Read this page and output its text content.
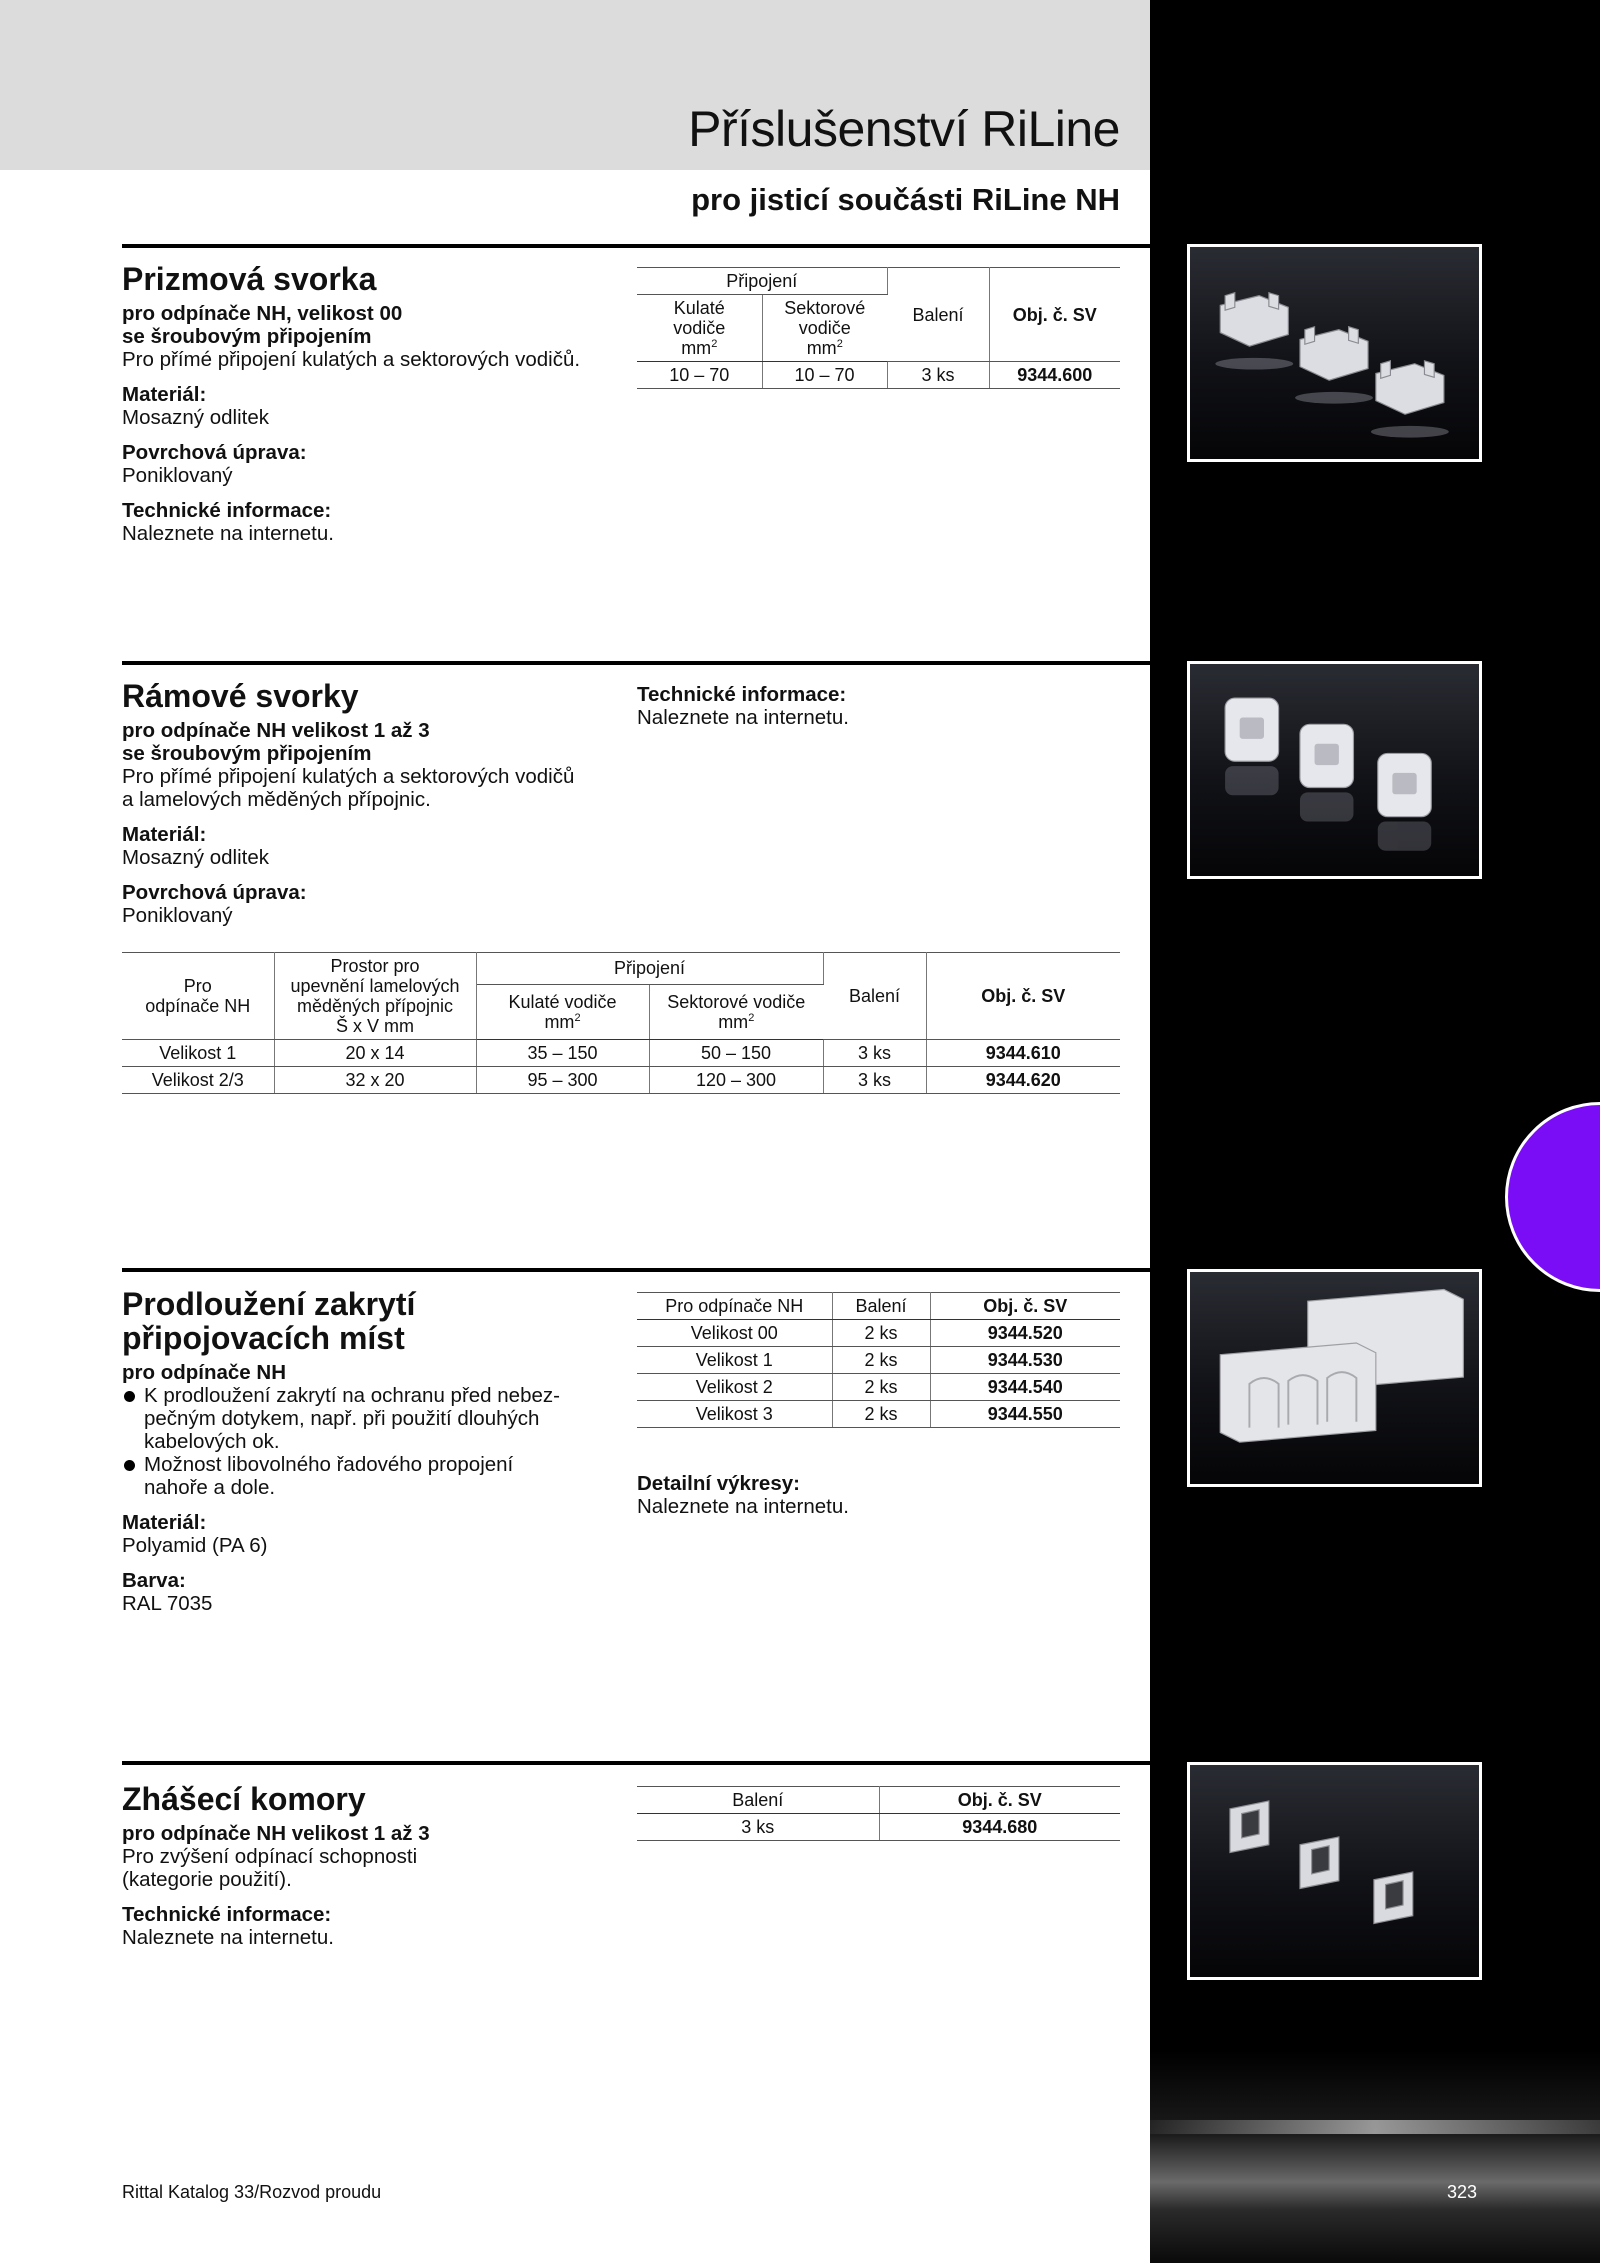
Příslušenství RiLine
pro jisticí součásti RiLine NH
Prizmová svorka
pro odpínače NH, velikost 00
se šroubovým připojením
Pro přímé připojení kulatých a sektorových vodičů.
Materiál:
Mosazný odlitek
Povrchová úprava:
Poniklovaný
Technické informace:
Naleznete na internetu.
Připojení		Balení	Obj. č. SV
Kulaté
vodiče
$mm^2$	Sektorové
vodiče
$mm^2$
10 – 70	10 – 70	3 ks	9344.600
Rámové svorky
pro odpínače NH velikost 1 až 3
se šroubovým připojením
Pro přímé připojení kulatých a sektorových vodičů
a lamelových měděných přípojnic.
Materiál:
Mosazný odlitek
Povrchová úprava:
Poniklovaný
Technické informace:
Naleznete na internetu.
Pro
odpínače NH	Prostor pro
upevnění lamelových
měděných přípojnic
Š x V mm	Připojení		Balení	Obj. č. SV
		Kulaté vodiče
$mm^2$	Sektorové vodiče
$mm^2$
Velikost 1	20 x 14	35 – 150	50 – 150	3 ks	9344.610
Velikost 2/3	32 x 20	95 – 300	120 – 300	3 ks	9344.620
Prodloužení zakrytí
připojovacích míst
pro odpínače NH
K prodloužení zakrytí na ochranu před nebez-
pečným dotykem, např. při použití dlouhých
kabelových ok.
Možnost libovolného řadového propojení
nahoře a dole.
Materiál:
Polyamid (PA 6)
Barva:
RAL 7035
Pro odpínače NH	Balení	Obj. č. SV
Velikost 00	2 ks	9344.520
Velikost 1	2 ks	9344.530
Velikost 2	2 ks	9344.540
Velikost 3	2 ks	9344.550
Detailní výkresy:
Naleznete na internetu.
Zhášecí komory
pro odpínače NH velikost 1 až 3
Pro zvýšení odpínací schopnosti
(kategorie použití).
Technické informace:
Naleznete na internetu.
Balení	Obj. č. SV
3 ks	9344.680
Rittal Katalog 33/Rozvod proudu	323
